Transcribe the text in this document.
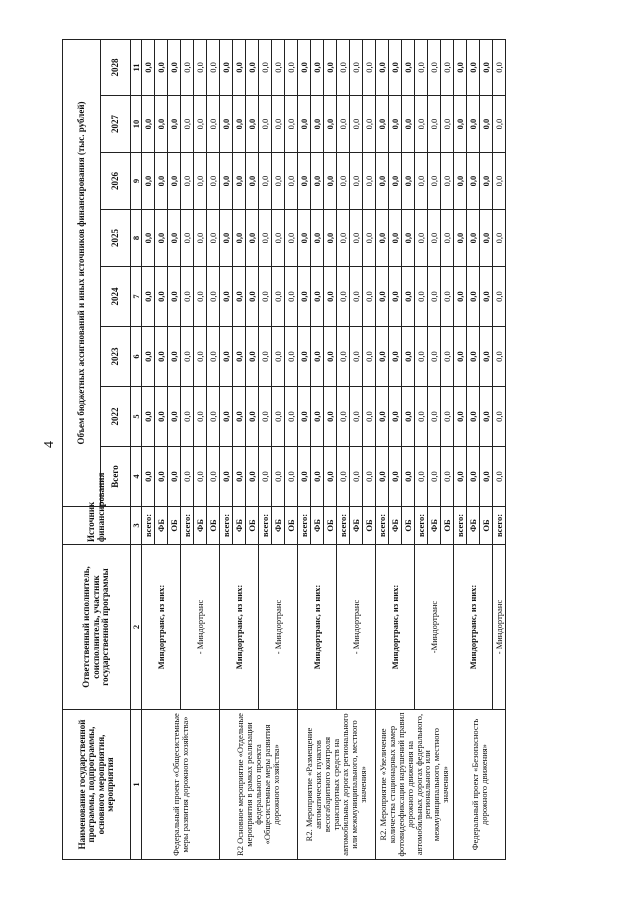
4
Наименование государственной программы, подпрограммы, основного мероприятия, мероприятия	Ответственный исполнитель, соисполнитель, участник государственной программы	Источник финансирования	Объем бюджетных ассигнований и иных источников финансирования (тыс. рублей)							
			Всего	2022	2023	2024	2025	2026	2027	2028
1	2	3	4	5	6	7	8	9	10	11
Федеральный проект «Общесистемные меры развития дорожного хозяйства»	Миндортранс, из них:	всего:	0,0	0,0	0,0	0,0	0,0	0,0	0,0	0,0
		ФБ	0,0	0,0	0,0	0,0	0,0	0,0	0,0	0,0
		ОБ	0,0	0,0	0,0	0,0	0,0	0,0	0,0	0,0
	- Миндортранс	всего:	0,0	0,0	0,0	0,0	0,0	0,0	0,0	0,0
		ФБ	0,0	0,0	0,0	0,0	0,0	0,0	0,0	0,0
		ОБ	0,0	0,0	0,0	0,0	0,0	0,0	0,0	0,0
R2 Основное мероприятие «Отдельные мероприятия в рамках реализации федерального проекта «Общесистемные меры развития дорожного хозяйства»	Миндортранс, из них:	всего:	0,0	0,0	0,0	0,0	0,0	0,0	0,0	0,0
		ФБ	0,0	0,0	0,0	0,0	0,0	0,0	0,0	0,0
		ОБ	0,0	0,0	0,0	0,0	0,0	0,0	0,0	0,0
	- Миндортранс	всего:	0,0	0,0	0,0	0,0	0,0	0,0	0,0	0,0
		ФБ	0,0	0,0	0,0	0,0	0,0	0,0	0,0	0,0
		ОБ	0,0	0,0	0,0	0,0	0,0	0,0	0,0	0,0
R2. Мероприятие «Размещение автоматических пунктов весогабаритного контроля транспортных средств на автомобильных дорогах регионального или межмуниципального, местного значения»	Миндортранс, из них:	всего:	0,0	0,0	0,0	0,0	0,0	0,0	0,0	0,0
		ФБ	0,0	0,0	0,0	0,0	0,0	0,0	0,0	0,0
		ОБ	0,0	0,0	0,0	0,0	0,0	0,0	0,0	0,0
	- Миндортранс	всего:	0,0	0,0	0,0	0,0	0,0	0,0	0,0	0,0
		ФБ	0,0	0,0	0,0	0,0	0,0	0,0	0,0	0,0
		ОБ	0,0	0,0	0,0	0,0	0,0	0,0	0,0	0,0
R2. Мероприятие «Увеличение количества стационарных камер фотовидеофиксации нарушений правил дорожного движения на автомобильных дорогах федерального, регионального или межмуниципального, местного значения»	Миндортранс, из них:	всего:	0,0	0,0	0,0	0,0	0,0	0,0	0,0	0,0
		ФБ	0,0	0,0	0,0	0,0	0,0	0,0	0,0	0,0
		ОБ	0,0	0,0	0,0	0,0	0,0	0,0	0,0	0,0
	-Миндортранс	всего:	0,0	0,0	0,0	0,0	0,0	0,0	0,0	0,0
		ФБ	0,0	0,0	0,0	0,0	0,0	0,0	0,0	0,0
		ОБ	0,0	0,0	0,0	0,0	0,0	0,0	0,0	0,0
Федеральный проект «Безопасность дорожного движения»	Миндортранс, из них:	всего:	0,0	0,0	0,0	0,0	0,0	0,0	0,0	0,0
		ФБ	0,0	0,0	0,0	0,0	0,0	0,0	0,0	0,0
		ОБ	0,0	0,0	0,0	0,0	0,0	0,0	0,0	0,0
	- Миндортранс	всего:	0,0	0,0	0,0	0,0	0,0	0,0	0,0	0,0
